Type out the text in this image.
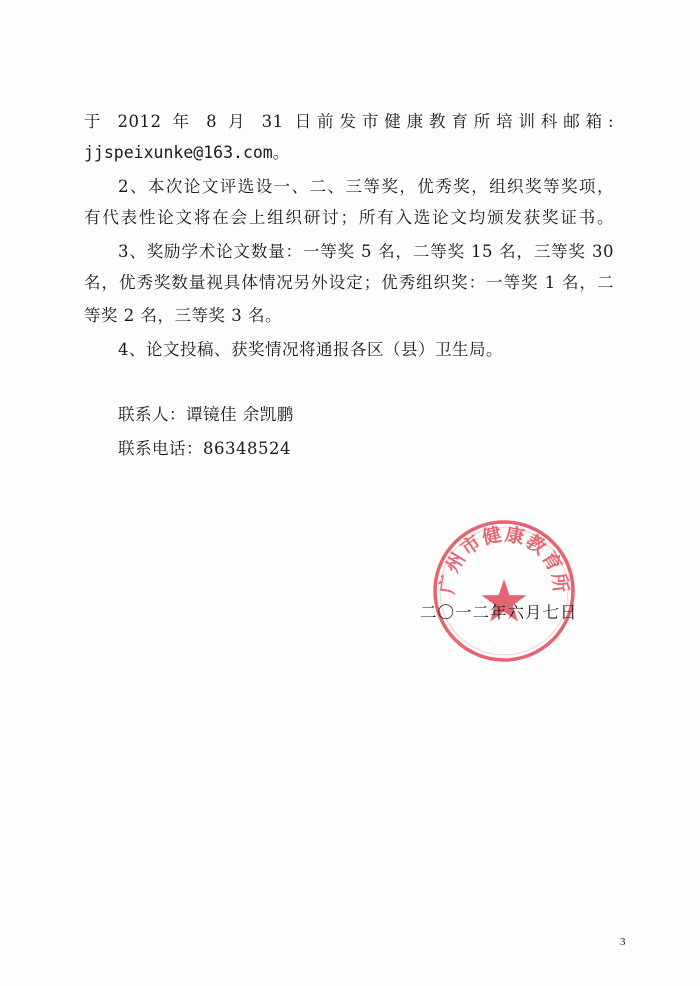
于 2012 年 8 月 31 日前发市健康教育所培训科邮箱:
jjspeixunke@163.com。
2、本次论文评选设一、二、三等奖，优秀奖，组织奖等奖项，
有代表性论文将在会上组织研讨；所有入选论文均颁发获奖证书。
3、奖励学术论文数量：一等奖 5 名，二等奖 15 名，三等奖 30
名，优秀奖数量视具体情况另外设定；优秀组织奖：一等奖 1 名，二
等奖 2 名，三等奖 3 名。
4、论文投稿、获奖情况将通报各区（县）卫生局。
联系人：谭镜佳 余凯鹏
联系电话：86348524
广州市健康教育所
二〇一二年六月七日
3
